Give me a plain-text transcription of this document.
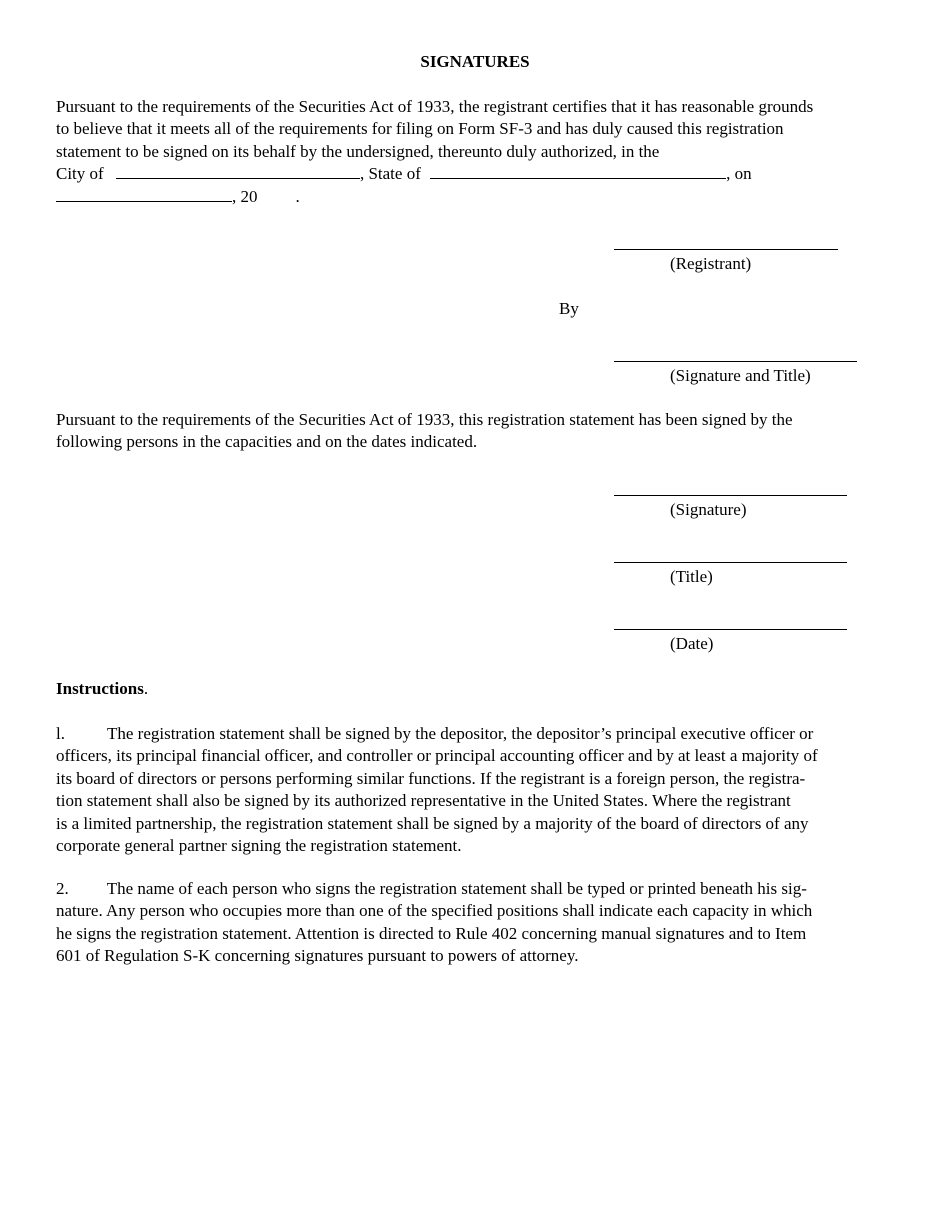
SIGNATURES
Pursuant to the requirements of the Securities Act of 1933, the registrant certifies that it has reasonable grounds
to believe that it meets all of the requirements for filing on Form SF-3 and has duly caused this registration
statement to be signed on its behalf by the undersigned, thereunto duly authorized, in the
City of	, State of	, on
, 20 .
(Registrant)
By
(Signature and Title)
Pursuant to the requirements of the Securities Act of 1933, this registration statement has been signed by the
following persons in the capacities and on the dates indicated.
(Signature)
(Title)
(Date)
Instructions.
l. The registration statement shall be signed by the depositor, the depositor’s principal executive officer or
officers, its principal financial officer, and controller or principal accounting officer and by at least a majority of
its board of directors or persons performing similar functions. If the registrant is a foreign person, the registra-
tion statement shall also be signed by its authorized representative in the United States. Where the registrant
is a limited partnership, the registration statement shall be signed by a majority of the board of directors of any
corporate general partner signing the registration statement.
2. The name of each person who signs the registration statement shall be typed or printed beneath his sig-
nature. Any person who occupies more than one of the specified positions shall indicate each capacity in which
he signs the registration statement. Attention is directed to Rule 402 concerning manual signatures and to Item
601 of Regulation S-K concerning signatures pursuant to powers of attorney.
